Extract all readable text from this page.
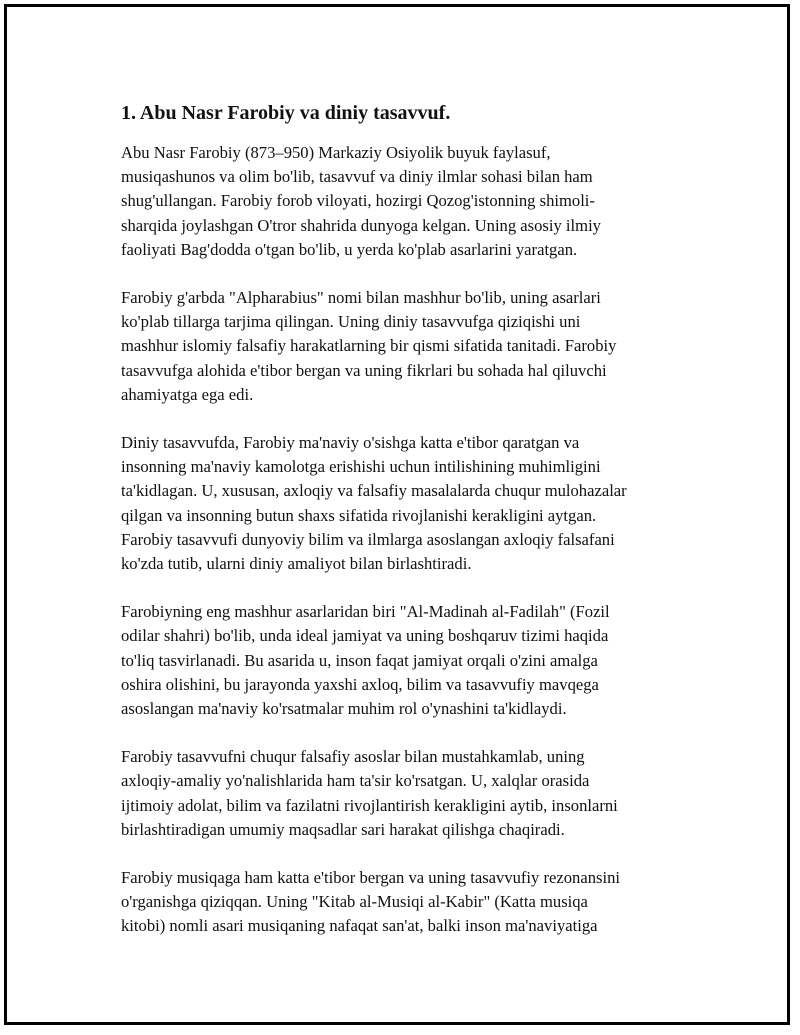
1. Abu Nasr Farobiy va diniy tasavvuf.

Abu Nasr Farobiy (873–950) Markaziy Osiyolik buyuk faylasuf,
musiqashunos va olim bo'lib, tasavvuf va diniy ilmlar sohasi bilan ham
shug'ullangan. Farobiy forob viloyati, hozirgi Qozog'istonning shimoli-
sharqida joylashgan O'tror shahrida dunyoga kelgan. Uning asosiy ilmiy
faoliyati Bag'dodda o'tgan bo'lib, u yerda ko'plab asarlarini yaratgan.

Farobiy g'arbda "Alpharabius" nomi bilan mashhur bo'lib, uning asarlari
ko'plab tillarga tarjima qilingan. Uning diniy tasavvufga qiziqishi uni
mashhur islomiy falsafiy harakatlarning bir qismi sifatida tanitadi. Farobiy
tasavvufga alohida e'tibor bergan va uning fikrlari bu sohada hal qiluvchi
ahamiyatga ega edi.

Diniy tasavvufda, Farobiy ma'naviy o'sishga katta e'tibor qaratgan va
insonning ma'naviy kamolotga erishishi uchun intilishining muhimligini
ta'kidlagan. U, xususan, axloqiy va falsafiy masalalarda chuqur mulohazalar
qilgan va insonning butun shaxs sifatida rivojlanishi kerakligini aytgan.
Farobiy tasavvufi dunyoviy bilim va ilmlarga asoslangan axloqiy falsafani
ko'zda tutib, ularni diniy amaliyot bilan birlashtiradi.

Farobiyning eng mashhur asarlaridan biri "Al-Madinah al-Fadilah" (Fozil
odilar shahri) bo'lib, unda ideal jamiyat va uning boshqaruv tizimi haqida
to'liq tasvirlanadi. Bu asarida u, inson faqat jamiyat orqali o'zini amalga
oshira olishini, bu jarayonda yaxshi axloq, bilim va tasavvufiy mavqega
asoslangan ma'naviy ko'rsatmalar muhim rol o'ynashini ta'kidlaydi.

Farobiy tasavvufni chuqur falsafiy asoslar bilan mustahkamlab, uning
axloqiy-amaliy yo'nalishlarida ham ta'sir ko'rsatgan. U, xalqlar orasida
ijtimoiy adolat, bilim va fazilatni rivojlantirish kerakligini aytib, insonlarni
birlashtiradigan umumiy maqsadlar sari harakat qilishga chaqiradi.

Farobiy musiqaga ham katta e'tibor bergan va uning tasavvufiy rezonansini
o'rganishga qiziqqan. Uning "Kitab al-Musiqi al-Kabir" (Katta musiqa
kitobi) nomli asari musiqaning nafaqat san'at, balki inson ma'naviyatiga
